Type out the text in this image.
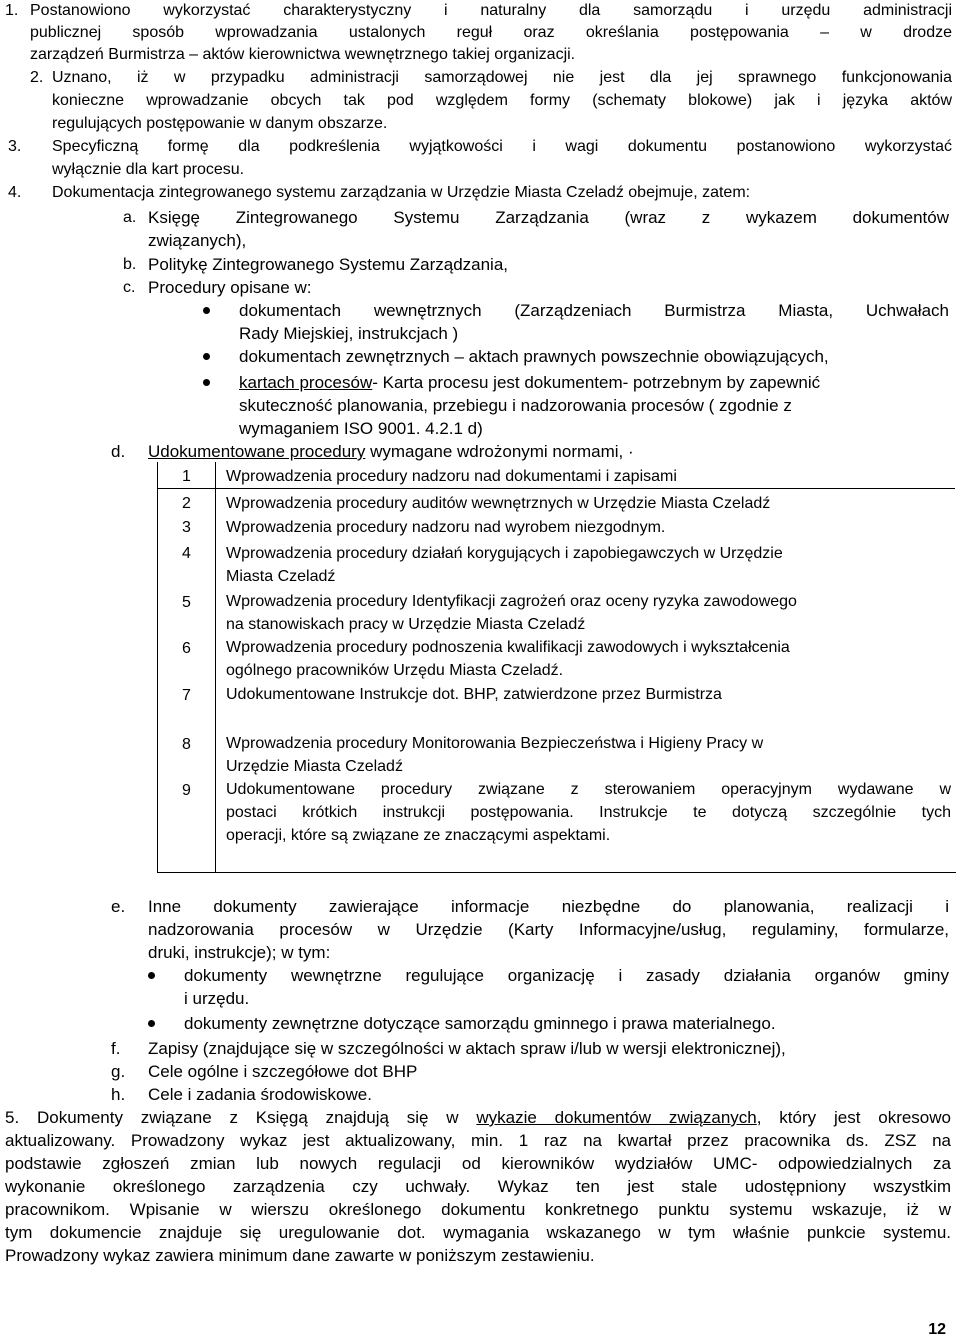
1. Postanowiono wykorzystać charakterystyczny i naturalny dla samorządu i urzędu administracji
publicznej sposób wprowadzania ustalonych reguł oraz określania postępowania – w drodze
zarządzeń Burmistrza – aktów kierownictwa wewnętrznego takiej organizacji.
2. Uznano, iż w przypadku administracji samorządowej nie jest dla jej sprawnego funkcjonowania
konieczne wprowadzanie obcych tak pod względem formy (schematy blokowe) jak i języka aktów
regulujących postępowanie w danym obszarze.
3. Specyficzną formę dla podkreślenia wyjątkowości i wagi dokumentu postanowiono wykorzystać
wyłącznie dla kart procesu.
4. Dokumentacja zintegrowanego systemu zarządzania w Urzędzie Miasta Czeladź obejmuje, zatem:
a. Księgę Zintegrowanego Systemu Zarządzania (wraz z wykazem dokumentów
związanych),
b. Politykę Zintegrowanego Systemu Zarządzania,
c. Procedury opisane w:
dokumentach wewnętrznych (Zarządzeniach Burmistrza Miasta, Uchwałach
Rady Miejskiej, instrukcjach )
dokumentach zewnętrznych – aktach prawnych powszechnie obowiązujących,
kartach procesów- Karta procesu jest dokumentem- potrzebnym by zapewnić
skuteczność planowania, przebiegu i nadzorowania procesów ( zgodnie z
wymaganiem ISO 9001. 4.2.1 d)
d. Udokumentowane procedury wymagane wdrożonymi normami, ·
1 Wprowadzenia procedury nadzoru nad dokumentami i zapisami
2 Wprowadzenia procedury auditów wewnętrznych w Urzędzie Miasta Czeladź
3 Wprowadzenia procedury nadzoru nad wyrobem niezgodnym.
4 Wprowadzenia procedury działań korygujących i zapobiegawczych w Urzędzie
Miasta Czeladź
5 Wprowadzenia procedury Identyfikacji zagrożeń oraz oceny ryzyka zawodowego
na stanowiskach pracy w Urzędzie Miasta Czeladź
6 Wprowadzenia procedury podnoszenia kwalifikacji zawodowych i wykształcenia
ogólnego pracowników Urzędu Miasta Czeladź.
7 Udokumentowane Instrukcje dot. BHP, zatwierdzone przez Burmistrza
8 Wprowadzenia procedury Monitorowania Bezpieczeństwa i Higieny Pracy w
Urzędzie Miasta Czeladź
9 Udokumentowane procedury związane z sterowaniem operacyjnym wydawane w
postaci krótkich instrukcji postępowania. Instrukcje te dotyczą szczególnie tych
operacji, które są związane ze znaczącymi aspektami.
e. Inne dokumenty zawierające informacje niezbędne do planowania, realizacji i
nadzorowania procesów w Urzędzie (Karty Informacyjne/usług, regulaminy, formularze,
druki, instrukcje); w tym:
dokumenty wewnętrzne regulujące organizację i zasady działania organów gminy
i urzędu.
dokumenty zewnętrzne dotyczące samorządu gminnego i prawa materialnego.
f. Zapisy (znajdujące się w szczególności w aktach spraw i/lub w wersji elektronicznej),
g. Cele ogólne i szczegółowe dot BHP
h. Cele i zadania środowiskowe.
5. Dokumenty związane z Księgą znajdują się w wykazie dokumentów związanych, który jest okresowo
aktualizowany. Prowadzony wykaz jest aktualizowany, min. 1 raz na kwartał przez pracownika ds. ZSZ na
podstawie zgłoszeń zmian lub nowych regulacji od kierowników wydziałów UMC- odpowiedzialnych za
wykonanie określonego zarządzenia czy uchwały. Wykaz ten jest stale udostępniony wszystkim
pracownikom. Wpisanie w wierszu określonego dokumentu konkretnego punktu systemu wskazuje, iż w
tym dokumencie znajduje się uregulowanie dot. wymagania wskazanego w tym właśnie punkcie systemu.
Prowadzony wykaz zawiera minimum dane zawarte w poniższym zestawieniu.
12
